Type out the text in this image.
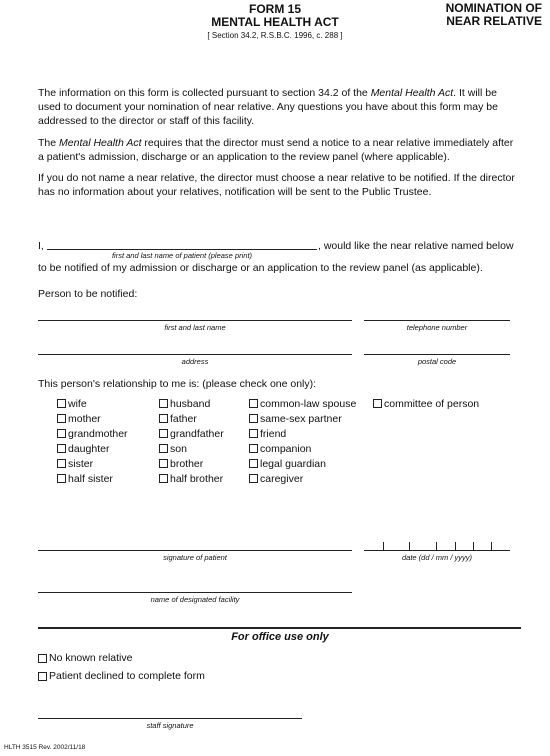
FORM 15
MENTAL HEALTH ACT
[ Section 34.2, R.S.B.C. 1996, c. 288 ]
NOMINATION OF
NEAR RELATIVE
The information on this form is collected pursuant to section 34.2 of the Mental Health Act. It will be used to document your nomination of near relative. Any questions you have about this form may be addressed to the director or staff of this facility.
The Mental Health Act requires that the director must send a notice to a near relative immediately after a patient's admission, discharge or an application to the review panel (where applicable).
If you do not name a near relative, the director must choose a near relative to be notified. If the director has no information about your relatives, notification will be sent to the Public Trustee.
I,	, would like the near relative named below
first and last name of patient (please print)
to be notified of my admission or discharge or an application to the review panel (as applicable).
Person to be notified:
first and last name	telephone number
address	postal code
This person's relationship to me is: (please check one only):
wife
mother
grandmother
daughter
sister
half sister
husband
father
grandfather
son
brother
half brother
common-law spouse
same-sex partner
friend
companion
legal guardian
caregiver
committee of person
signature of patient	date (dd / mm / yyyy)
name of designated facility
For office use only
No known relative
Patient declined to complete form
staff signature
HLTH 3515 Rev. 2002/11/18
